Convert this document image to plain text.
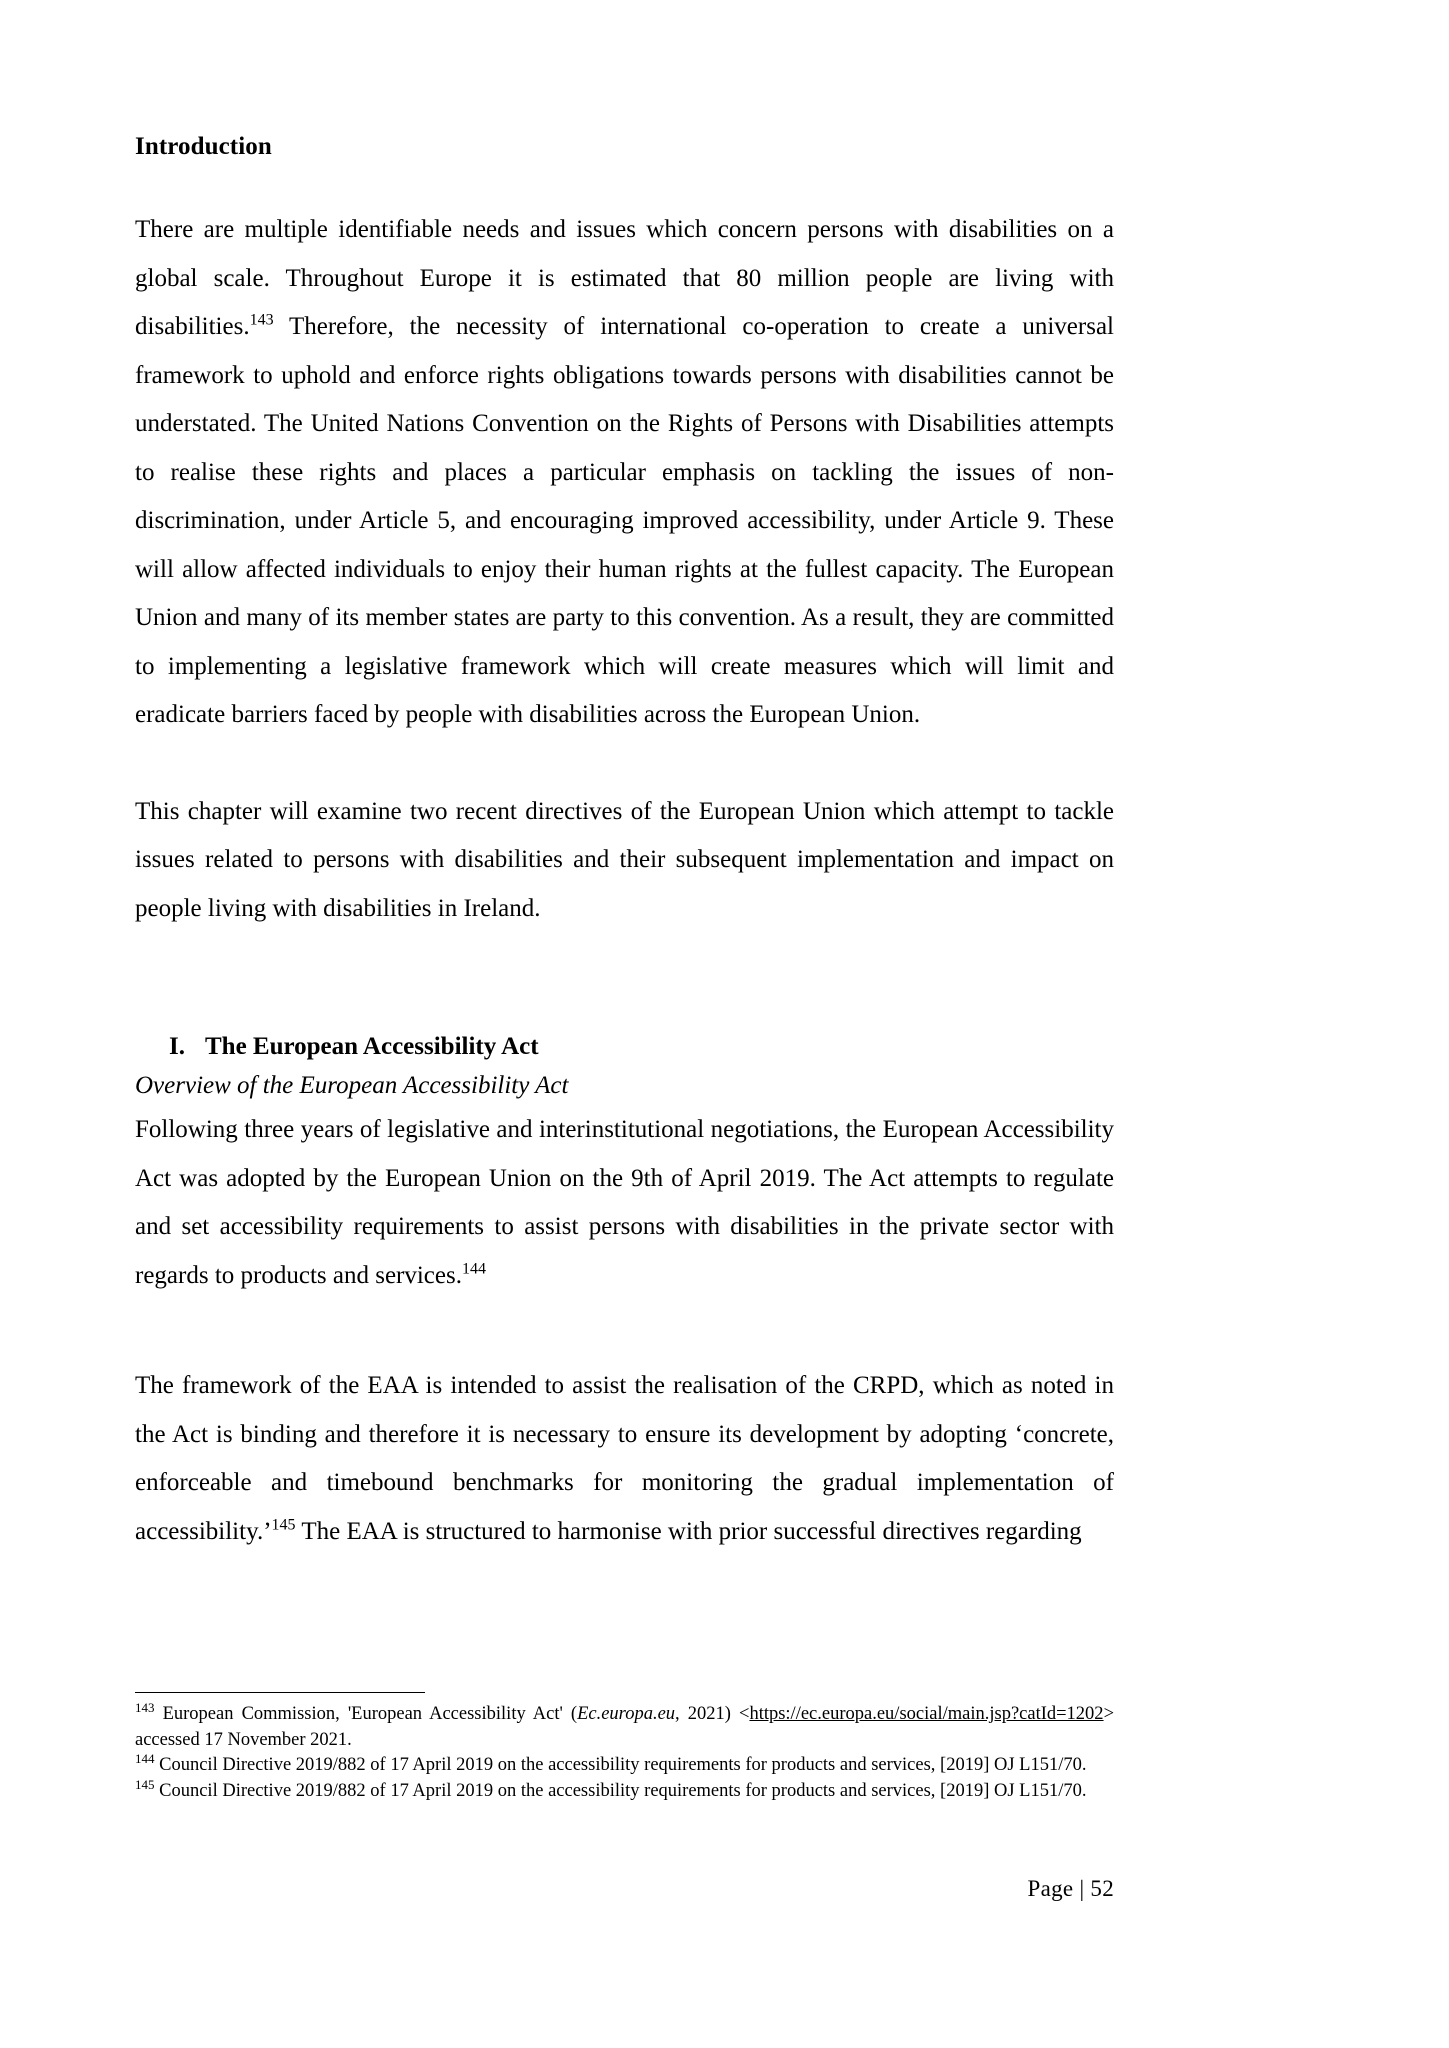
Introduction

There are multiple identifiable needs and issues which concern persons with disabilities on a global scale. Throughout Europe it is estimated that 80 million people are living with disabilities.$^{143}$ Therefore, the necessity of international co-operation to create a universal framework to uphold and enforce rights obligations towards persons with disabilities cannot be understated. The United Nations Convention on the Rights of Persons with Disabilities attempts to realise these rights and places a particular emphasis on tackling the issues of non-discrimination, under Article 5, and encouraging improved accessibility, under Article 9. These will allow affected individuals to enjoy their human rights at the fullest capacity. The European Union and many of its member states are party to this convention. As a result, they are committed to implementing a legislative framework which will create measures which will limit and eradicate barriers faced by people with disabilities across the European Union.

This chapter will examine two recent directives of the European Union which attempt to tackle issues related to persons with disabilities and their subsequent implementation and impact on people living with disabilities in Ireland.

I. The European Accessibility Act

Overview of the European Accessibility Act

Following three years of legislative and interinstitutional negotiations, the European Accessibility Act was adopted by the European Union on the 9th of April 2019. The Act attempts to regulate and set accessibility requirements to assist persons with disabilities in the private sector with regards to products and services.$^{144}$

The framework of the EAA is intended to assist the realisation of the CRPD, which as noted in the Act is binding and therefore it is necessary to ensure its development by adopting ‘concrete, enforceable and timebound benchmarks for monitoring the gradual implementation of accessibility.’$^{145}$ The EAA is structured to harmonise with prior successful directives regarding

$^{143}$ European Commission, 'European Accessibility Act' (Ec.europa.eu, 2021) <https://ec.europa.eu/social/main.jsp?catId=1202> accessed 17 November 2021.

$^{144}$ Council Directive 2019/882 of 17 April 2019 on the accessibility requirements for products and services, [2019] OJ L151/70.

$^{145}$ Council Directive 2019/882 of 17 April 2019 on the accessibility requirements for products and services, [2019] OJ L151/70.

Page | 52
